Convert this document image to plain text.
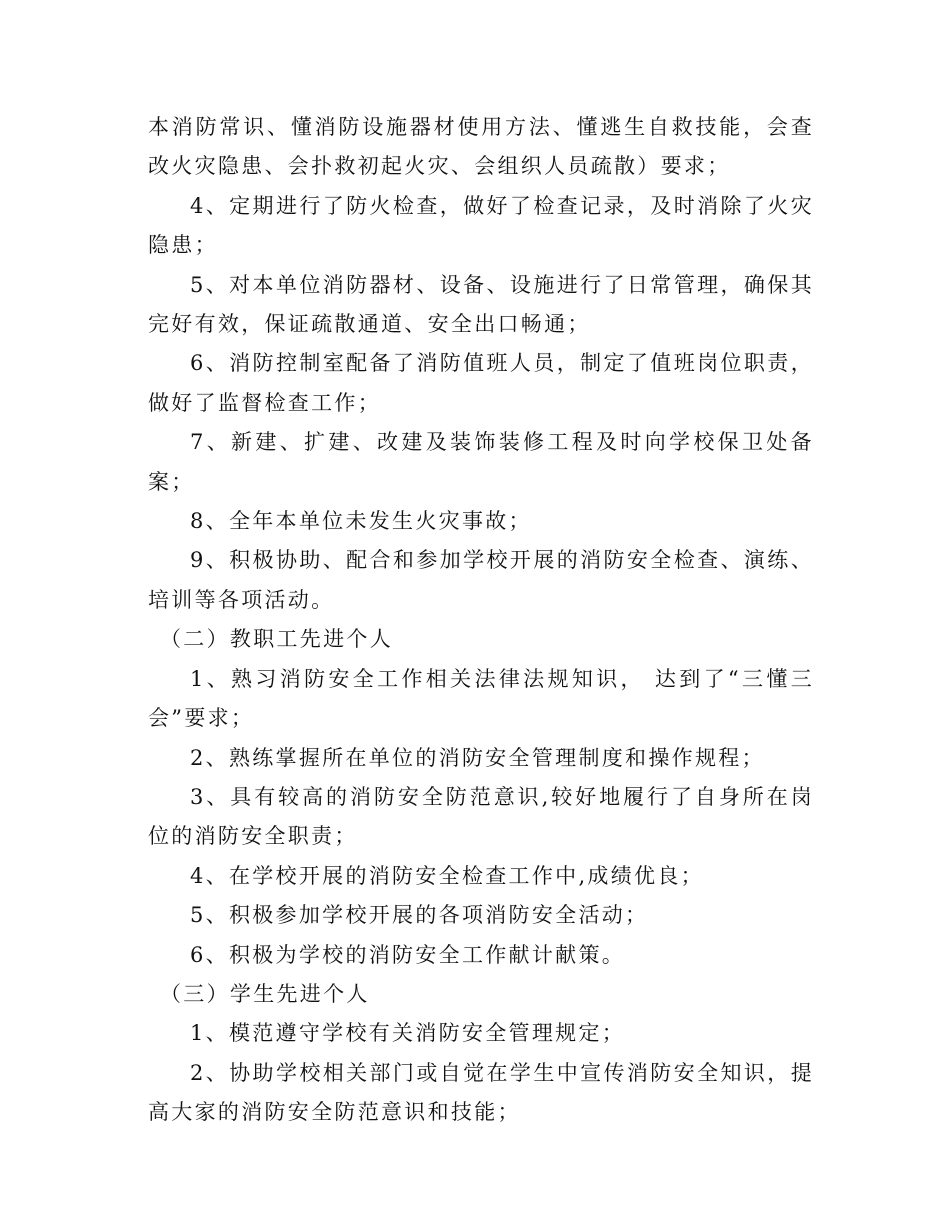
本消防常识、懂消防设施器材使用方法、懂逃生自救技能，会查改火灾隐患、会扑救初起火灾、会组织人员疏散）要求；

4、定期进行了防火检查，做好了检查记录，及时消除了火灾隐患；

5、对本单位消防器材、设备、设施进行了日常管理，确保其完好有效，保证疏散通道、安全出口畅通；

6、消防控制室配备了消防值班人员，制定了值班岗位职责，做好了监督检查工作；

7、新建、扩建、改建及装饰装修工程及时向学校保卫处备案；

8、全年本单位未发生火灾事故；

9、积极协助、配合和参加学校开展的消防安全检查、演练、培训等各项活动。

（二）教职工先进个人

1、熟习消防安全工作相关法律法规知识， 达到了“三懂三会”要求；

2、熟练掌握所在单位的消防安全管理制度和操作规程；

3、具有较高的消防安全防范意识,较好地履行了自身所在岗位的消防安全职责；

4、在学校开展的消防安全检查工作中,成绩优良；

5、积极参加学校开展的各项消防安全活动；

6、积极为学校的消防安全工作献计献策。

（三）学生先进个人

1、模范遵守学校有关消防安全管理规定；

2、协助学校相关部门或自觉在学生中宣传消防安全知识，提高大家的消防安全防范意识和技能；
